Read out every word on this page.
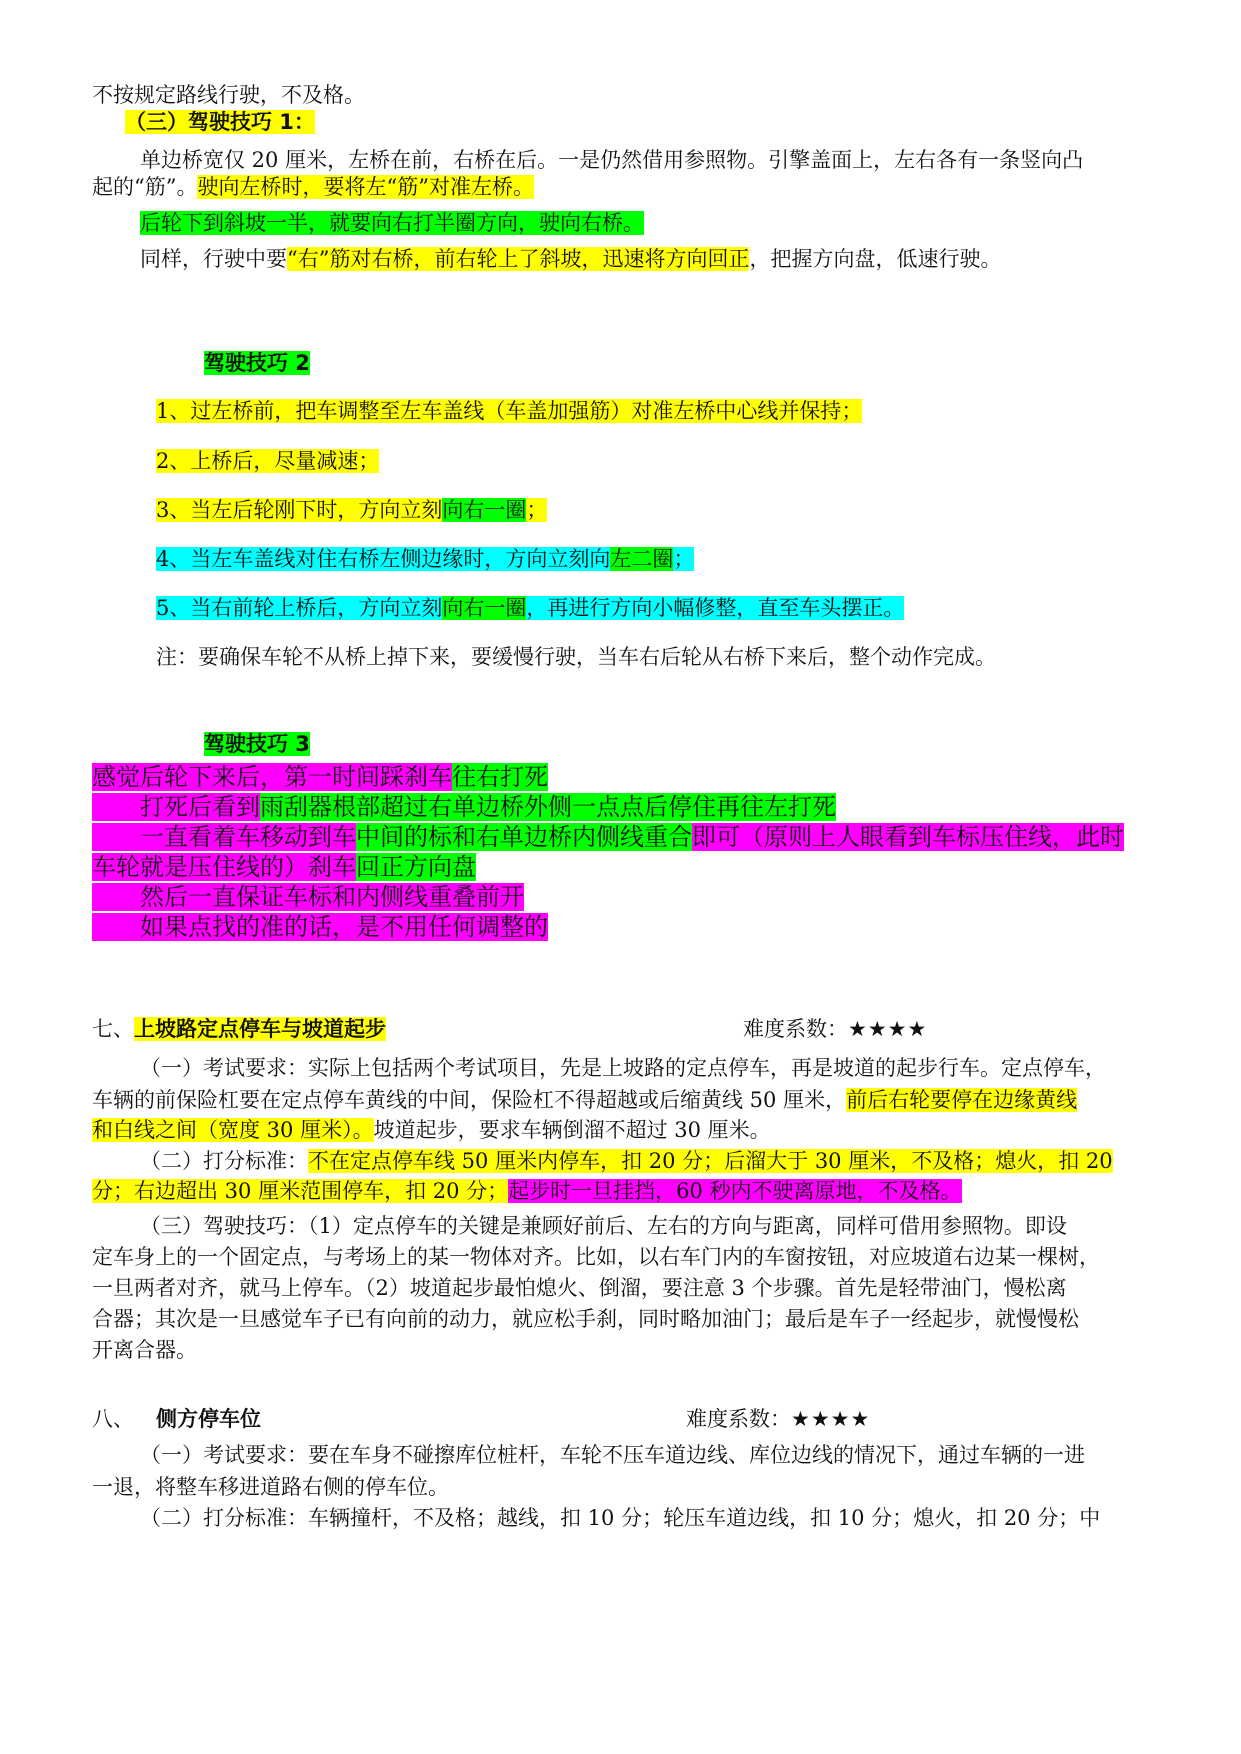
不按规定路线行驶，不及格。
（三）驾驶技巧 1：
单边桥宽仅 20 厘米，左桥在前，右桥在后。一是仍然借用参照物。引擎盖面上，左右各有一条竖向凸
起的“筋”。驶向左桥时，要将左“筋”对准左桥。
后轮下到斜坡一半，就要向右打半圈方向，驶向右桥。
同样，行驶中要“右”筋对右桥，前右轮上了斜坡，迅速将方向回正，把握方向盘，低速行驶。
驾驶技巧 2
1、过左桥前，把车调整至左车盖线（车盖加强筋）对准左桥中心线并保持；
2、上桥后，尽量减速；
3、当左后轮刚下时，方向立刻向右一圈；
4、当左车盖线对住右桥左侧边缘时，方向立刻向左二圈；
5、当右前轮上桥后，方向立刻向右一圈，再进行方向小幅修整，直至车头摆正。
注：要确保车轮不从桥上掉下来，要缓慢行驶，当车右后轮从右桥下来后，整个动作完成。
驾驶技巧 3
感觉后轮下来后，第一时间踩刹车往右打死
　　打死后看到雨刮器根部超过右单边桥外侧一点点后停住再往左打死
　　一直看着车移动到车中间的标和右单边桥内侧线重合即可（原则上人眼看到车标压住线，此时
车轮就是压住线的）刹车回正方向盘
　　然后一直保证车标和内侧线重叠前开
　　如果点找的准的话，是不用任何调整的
七、上坡路定点停车与坡道起步	难度系数：★★★★
（一）考试要求：实际上包括两个考试项目，先是上坡路的定点停车，再是坡道的起步行车。定点停车，
车辆的前保险杠要在定点停车黄线的中间，保险杠不得超越或后缩黄线 50 厘米，前后右轮要停在边缘黄线
和白线之间（宽度 30 厘米）。坡道起步，要求车辆倒溜不超过 30 厘米。
（二）打分标准：不在定点停车线 50 厘米内停车，扣 20 分；后溜大于 30 厘米，不及格；熄火，扣 20
分；右边超出 30 厘米范围停车，扣 20 分；起步时一旦挂挡，60 秒内不驶离原地，不及格。
（三）驾驶技巧：（1）定点停车的关键是兼顾好前后、左右的方向与距离，同样可借用参照物。即设
定车身上的一个固定点，与考场上的某一物体对齐。比如，以右车门内的车窗按钮，对应坡道右边某一棵树，
一旦两者对齐，就马上停车。（2）坡道起步最怕熄火、倒溜，要注意 3 个步骤。首先是轻带油门，慢松离
合器；其次是一旦感觉车子已有向前的动力，就应松手刹，同时略加油门；最后是车子一经起步，就慢慢松
开离合器。
八、 侧方停车位	难度系数：★★★★
（一）考试要求：要在车身不碰擦库位桩杆，车轮不压车道边线、库位边线的情况下，通过车辆的一进
一退，将整车移进道路右侧的停车位。
（二）打分标准：车辆撞杆，不及格；越线，扣 10 分；轮压车道边线，扣 10 分；熄火，扣 20 分；中
